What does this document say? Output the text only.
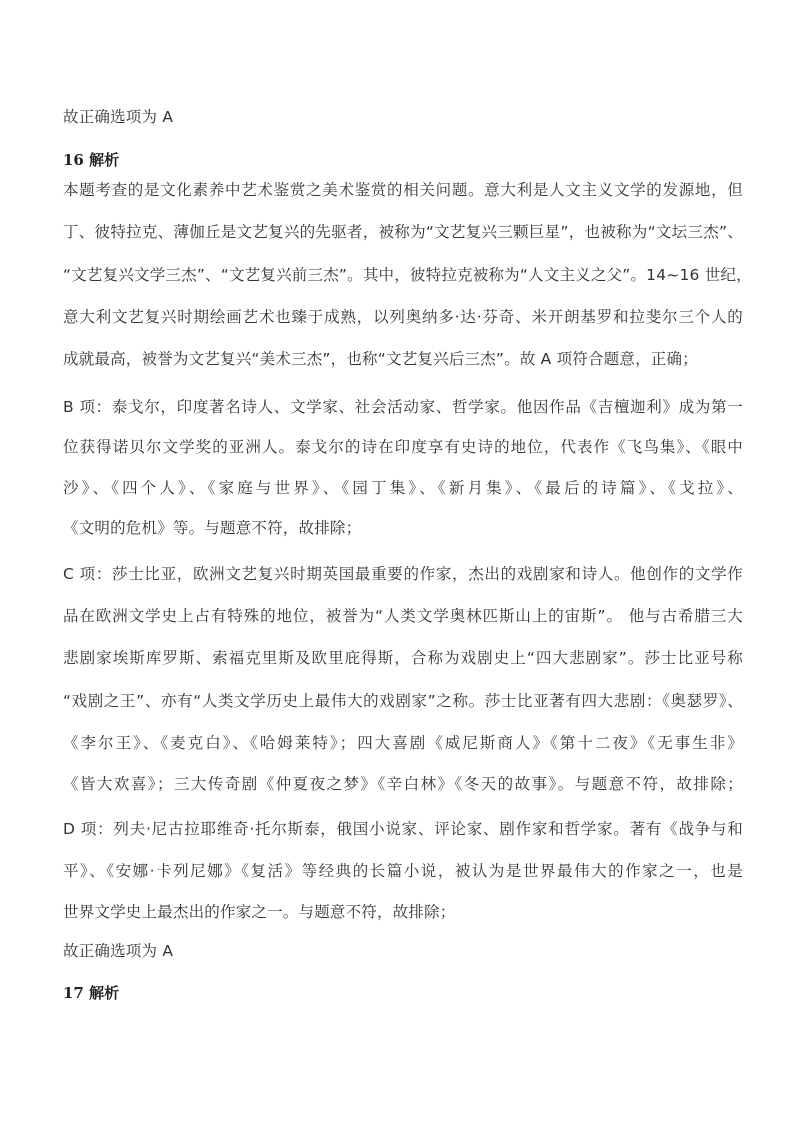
故正确选项为 A
16 解析
本题考查的是文化素养中艺术鉴赏之美术鉴赏的相关问题。意大利是人文主义文学的发源地，但
丁、彼特拉克、薄伽丘是文艺复兴的先驱者，被称为“文艺复兴三颗巨星”，也被称为“文坛三杰”、
“文艺复兴文学三杰”、“文艺复兴前三杰”。其中，彼特拉克被称为“人文主义之父”。14~16 世纪，
意大利文艺复兴时期绘画艺术也臻于成熟，以列奥纳多·达·芬奇、米开朗基罗和拉斐尔三个人的
成就最高，被誉为文艺复兴“美术三杰”，也称“文艺复兴后三杰”。故 A 项符合题意，正确；
B 项：泰戈尔，印度著名诗人、文学家、社会活动家、哲学家。他因作品《吉檀迦利》成为第一
位获得诺贝尔文学奖的亚洲人。泰戈尔的诗在印度享有史诗的地位，代表作《飞鸟集》、《眼中
沙》、《四个人》、《家庭与世界》、《园丁集》、《新月集》、《最后的诗篇》、《戈拉》、
《文明的危机》等。与题意不符，故排除；
C 项：莎士比亚，欧洲文艺复兴时期英国最重要的作家，杰出的戏剧家和诗人。他创作的文学作
品在欧洲文学史上占有特殊的地位，被誉为“人类文学奥林匹斯山上的宙斯”。 他与古希腊三大
悲剧家埃斯库罗斯、索福克里斯及欧里庇得斯，合称为戏剧史上“四大悲剧家”。莎士比亚号称
“戏剧之王”、亦有“人类文学历史上最伟大的戏剧家”之称。莎士比亚著有四大悲剧：《奥瑟罗》、
《李尔王》、《麦克白》、《哈姆莱特》；四大喜剧《威尼斯商人》《第十二夜》《无事生非》
《皆大欢喜》；三大传奇剧《仲夏夜之梦》《辛白林》《冬天的故事》。与题意不符，故排除；
D 项：列夫·尼古拉耶维奇·托尔斯泰，俄国小说家、评论家、剧作家和哲学家。著有《战争与和
平》、《安娜·卡列尼娜》《复活》等经典的长篇小说，被认为是世界最伟大的作家之一，也是
世界文学史上最杰出的作家之一。与题意不符，故排除；
故正确选项为 A
17 解析
